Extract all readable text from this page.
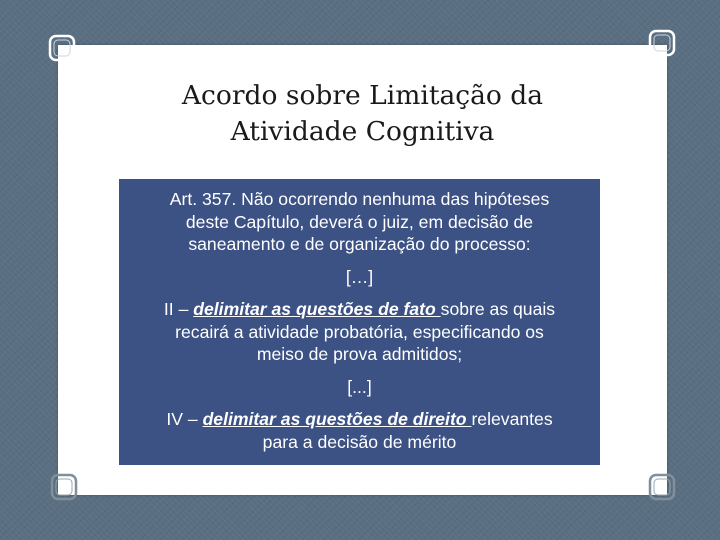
Acordo sobre Limitação da
Atividade Cognitiva

Art. 357. Não ocorrendo nenhuma das hipóteses
deste Capítulo, deverá o juiz, em decisão de
saneamento e de organização do processo:

[…]

II – delimitar as questões de fato sobre as quais
recairá a atividade probatória, especificando os
meiso de prova admitidos;

[...]

IV – delimitar as questões de direito relevantes
para a decisão de mérito
